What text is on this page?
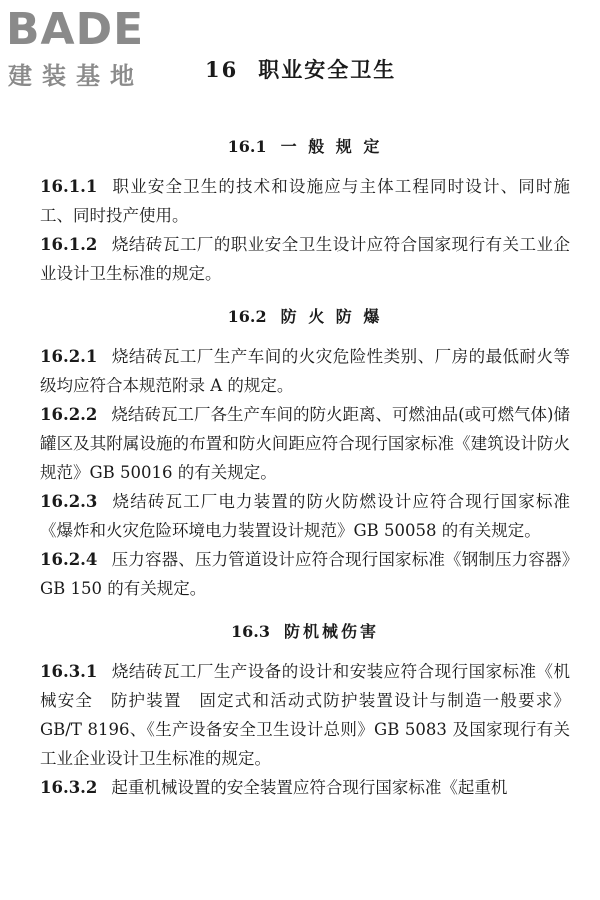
BADE
建装基地	16 职业安全卫生
16.1 一 般 规 定

16.1.1 职业安全卫生的技术和设施应与主体工程同时设计、同时施工、同时投产使用。

16.1.2 烧结砖瓦工厂的职业安全卫生设计应符合国家现行有关工业企业设计卫生标准的规定。

16.2 防 火 防 爆

16.2.1 烧结砖瓦工厂生产车间的火灾危险性类别、厂房的最低耐火等级均应符合本规范附录 A 的规定。

16.2.2 烧结砖瓦工厂各生产车间的防火距离、可燃油品(或可燃气体)储罐区及其附属设施的布置和防火间距应符合现行国家标准《建筑设计防火规范》GB 50016 的有关规定。

16.2.3 烧结砖瓦工厂电力装置的防火防燃设计应符合现行国家标准《爆炸和火灾危险环境电力装置设计规范》GB 50058 的有关规定。

16.2.4 压力容器、压力管道设计应符合现行国家标准《钢制压力容器》GB 150 的有关规定。

16.3 防机械伤害

16.3.1 烧结砖瓦工厂生产设备的设计和安装应符合现行国家标准《机械安全　防护装置　固定式和活动式防护装置设计与制造一般要求》GB/T 8196、《生产设备安全卫生设计总则》GB 5083 及国家现行有关工业企业设计卫生标准的规定。

16.3.2 起重机械设置的安全装置应符合现行国家标准《起重机
